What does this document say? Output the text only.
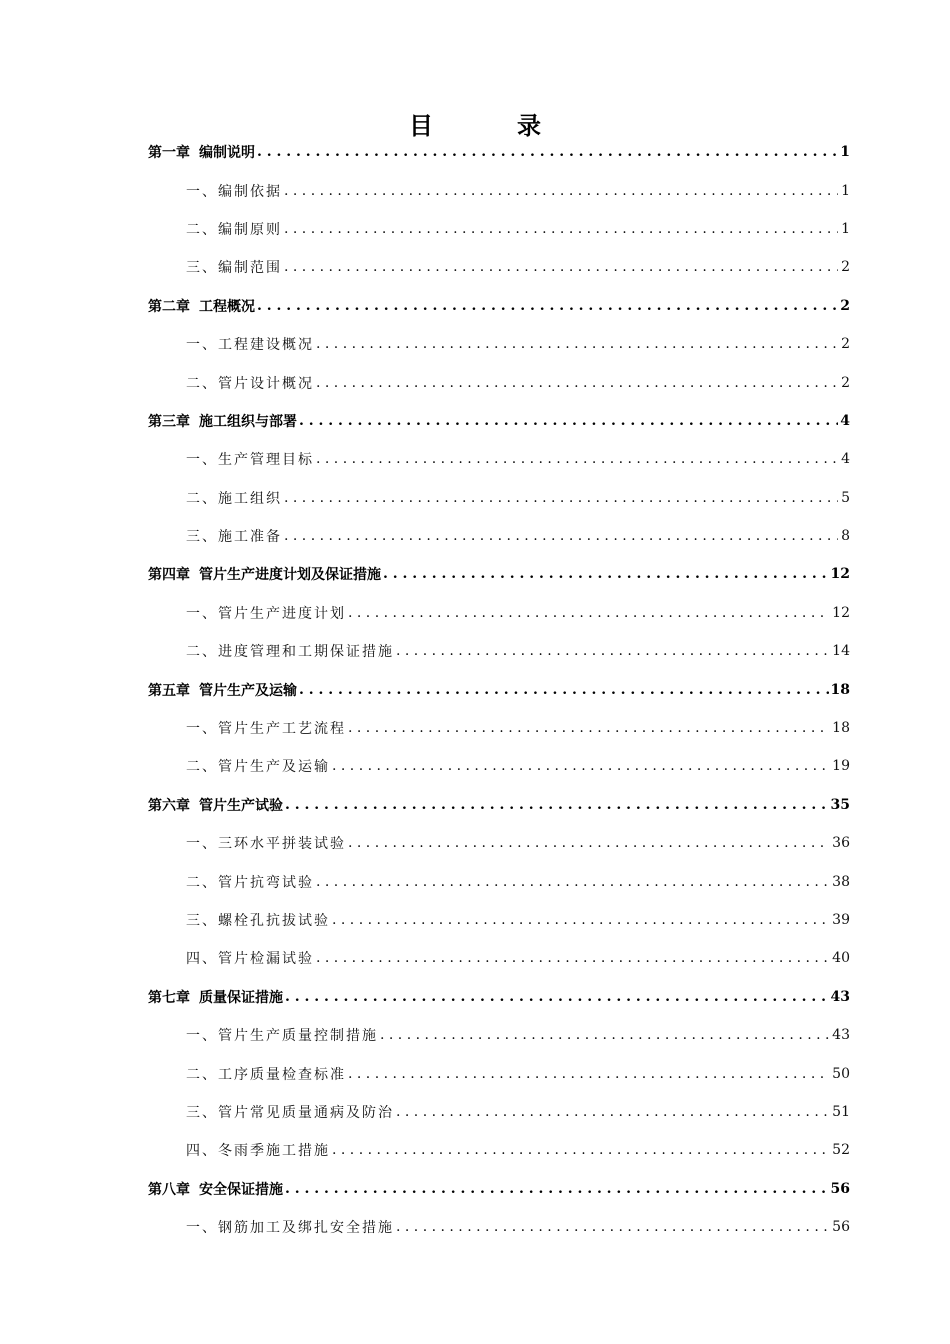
目　录
第一章 编制说明 . . .	1
一、编制依据 . . .	1
二、编制原则 . . .	1
三、编制范围 . . .	2
第二章 工程概况 . . .	2
一、工程建设概况 . . .	2
二、管片设计概况 . . .	2
第三章 施工组织与部署 . . .	4
一、生产管理目标 . . .	4
二、施工组织 . . .	5
三、施工准备 . . .	8
第四章 管片生产进度计划及保证措施 . . .	12
一、管片生产进度计划 . . .	12
二、进度管理和工期保证措施 . . .	14
第五章 管片生产及运输 . . .	18
一、管片生产工艺流程 . . .	18
二、管片生产及运输 . . .	19
第六章 管片生产试验 . . .	35
一、三环水平拼装试验 . . .	36
二、管片抗弯试验 . . .	38
三、螺栓孔抗拔试验 . . .	39
四、管片检漏试验 . . .	40
第七章 质量保证措施 . . .	43
一、管片生产质量控制措施 . . .	43
二、工序质量检查标准 . . .	50
三、管片常见质量通病及防治 . . .	51
四、冬雨季施工措施 . . .	52
第八章 安全保证措施 . . .	56
一、钢筋加工及绑扎安全措施 . . .	56
